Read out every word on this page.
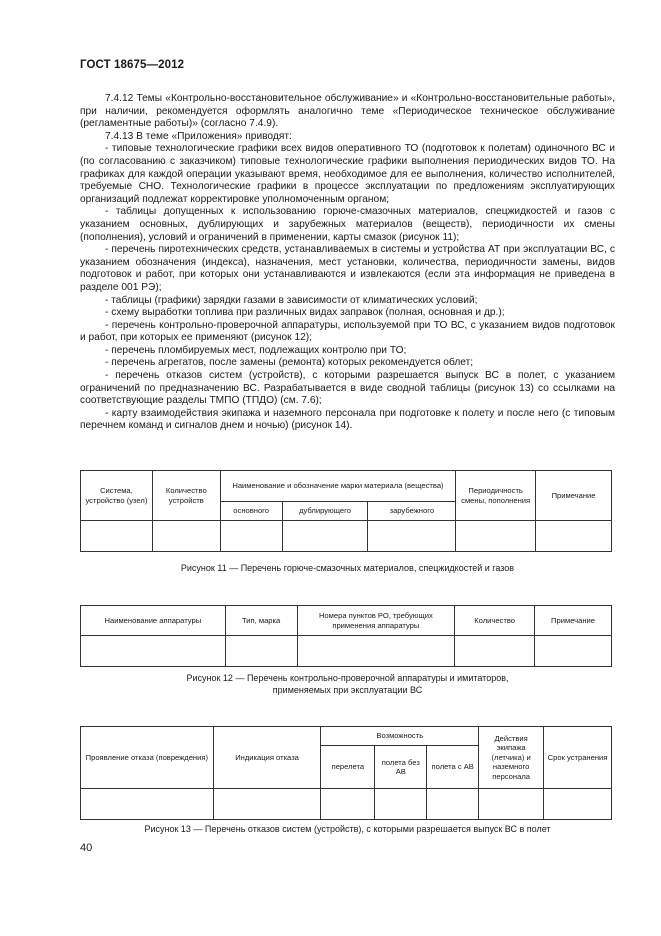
ГОСТ 18675—2012

7.4.12 Темы «Контрольно-восстановительное обслуживание» и «Контрольно-восстановительные работы», при наличии, рекомендуется оформлять аналогично теме «Периодическое техническое обслуживание (регламентные работы)» (согласно 7.4.9).

7.4.13 В теме «Приложения» приводят:

- типовые технологические графики всех видов оперативного ТО (подготовок к полетам) одиночного ВС и (по согласованию с заказчиком) типовые технологические графики выполнения периодических видов ТО. На графиках для каждой операции указывают время, необходимое для ее выполнения, количество исполнителей, требуемые СНО. Технологические графики в процессе эксплуатации по предложениям эксплуатирующих организаций подлежат корректировке уполномоченным органом;

- таблицы допущенных к использованию горюче-смазочных материалов, спецжидкостей и газов с указанием основных, дублирующих и зарубежных материалов (веществ), периодичности их смены (пополнения), условий и ограничений в применении, карты смазок (рисунок 11);

- перечень пиротехнических средств, устанавливаемых в системы и устройства АТ при эксплуатации ВС, с указанием обозначения (индекса), назначения, мест установки, количества, периодичности замены, видов подготовок и работ, при которых они устанавливаются и извлекаются (если эта информация не приведена в разделе 001 РЭ);

- таблицы (графики) зарядки газами в зависимости от климатических условий;

- схему выработки топлива при различных видах заправок (полная, основная и др.);

- перечень контрольно-проверочной аппаратуры, используемой при ТО ВС, с указанием видов подготовок и работ, при которых ее применяют (рисунок 12);

- перечень пломбируемых мест, подлежащих контролю при ТО;

- перечень агрегатов, после замены (ремонта) которых рекомендуется облет;

- перечень отказов систем (устройств), с которыми разрешается выпуск ВС в полет, с указанием ограничений по предназначению ВС. Разрабатывается в виде сводной таблицы (рисунок 13) со ссылками на соответствующие разделы ТМПО (ТПДО) (см. 7.6);

- карту взаимодействия экипажа и наземного персонала при подготовке к полету и после него (с типовым перечнем команд и сигналов днем и ночью) (рисунок 14).

Система, устройство (узел)	Количество устройств	Наименование и обозначение марки материала (вещества)			Периодичность смены, пополнения	Примечание
		основного	дублирующего	зарубежного		

Рисунок 11 — Перечень горюче-смазочных материалов, спецжидкостей и газов
Наименование аппаратуры	Тип, марка	Номера пунктов РО, требующих применения аппаратуры	Количество	Примечание

Рисунок 12 — Перечень контрольно-проверочной аппаратуры и имитаторов,
применяемых при эксплуатации ВС
Проявление отказа (повреждения)	Индикация отказа	Возможность			Действия экипажа (летчика) и наземного персонала	Срок устранения
		перелета	полета без АВ	полета с АВ		

Рисунок 13 — Перечень отказов систем (устройств), с которыми разрешается выпуск ВС в полет
40
